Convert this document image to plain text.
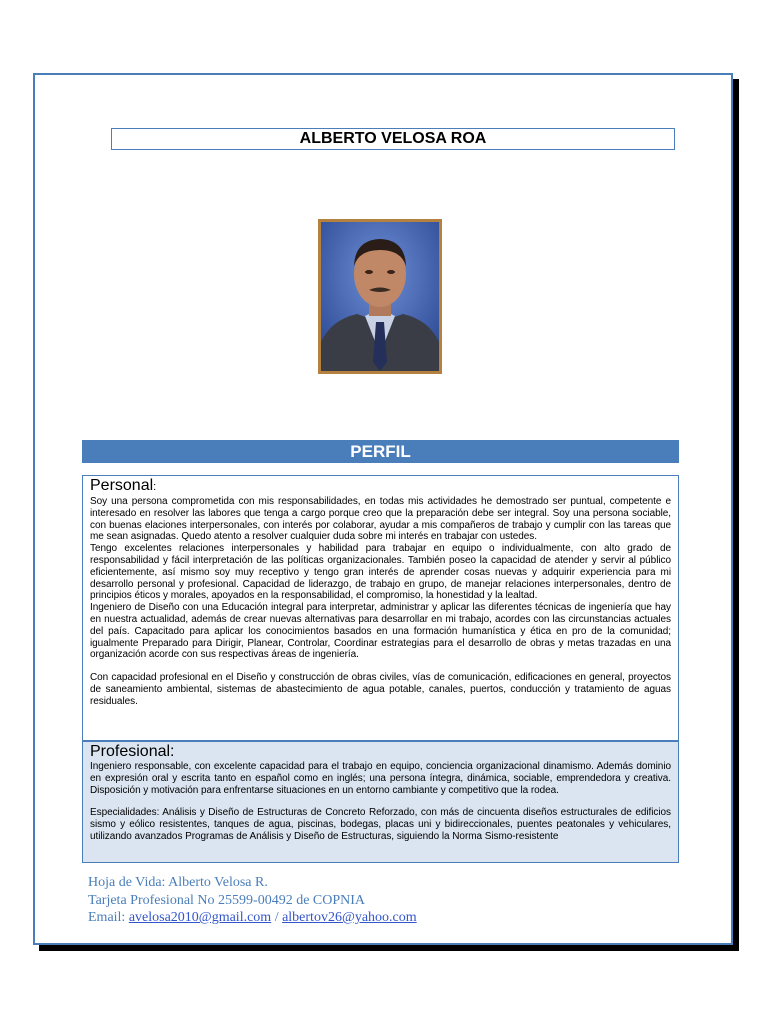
ALBERTO VELOSA ROA
PERFIL
Personal:

Soy una persona comprometida con mis responsabilidades, en todas mis actividades he demostrado ser puntual, competente e interesado en resolver las labores que tenga a cargo porque creo que la preparación debe ser integral. Soy una persona sociable, con buenas elaciones interpersonales, con interés por colaborar, ayudar a mis compañeros de trabajo y cumplir con las tareas que me sean asignadas. Quedo atento a resolver cualquier duda sobre mi interés en trabajar con ustedes.

Tengo excelentes relaciones interpersonales y habilidad para trabajar en equipo o individualmente, con alto grado de responsabilidad y fácil interpretación de las políticas organizacionales. También poseo la capacidad de atender y servir al público eficientemente, así mismo soy muy receptivo y tengo gran interés de aprender cosas nuevas y adquirir experiencia para mi desarrollo personal y profesional. Capacidad de liderazgo, de trabajo en grupo, de manejar relaciones interpersonales, dentro de principios éticos y morales, apoyados en la responsabilidad, el compromiso, la honestidad y la lealtad.

Ingeniero de Diseño con una Educación integral para interpretar, administrar y aplicar las diferentes técnicas de ingeniería que hay en nuestra actualidad, además de crear nuevas alternativas para desarrollar en mi trabajo, acordes con las circunstancias actuales del país. Capacitado para aplicar los conocimientos basados en una formación humanística y ética en pro de la comunidad; igualmente Preparado para Dirigir, Planear, Controlar, Coordinar estrategias para el desarrollo de obras y metas trazadas en una organización acorde con sus respectivas áreas de ingeniería.

Con capacidad profesional en el Diseño y construcción de obras civiles, vías de comunicación, edificaciones en general, proyectos de saneamiento ambiental, sistemas de abastecimiento de agua potable, canales, puertos, conducción y tratamiento de aguas residuales.

Profesional:

Ingeniero responsable, con excelente capacidad para el trabajo en equipo, conciencia organizacional dinamismo. Además dominio en expresión oral y escrita tanto en español como en inglés; una persona íntegra, dinámica, sociable, emprendedora y creativa. Disposición y motivación para enfrentarse situaciones en un entorno cambiante y competitivo que la rodea.

Especialidades: Análisis y Diseño de Estructuras de Concreto Reforzado, con más de cincuenta diseños estructurales de edificios sismo y eólico resistentes, tanques de agua, piscinas, bodegas, placas uni y bidireccionales, puentes peatonales y vehiculares, utilizando avanzados Programas de Análisis y Diseño de Estructuras, siguiendo la Norma Sismo-resistente

Hoja de Vida: Alberto Velosa R.
Tarjeta Profesional No 25599-00492 de COPNIA
Email: avelosa2010@gmail.com / albertov26@yahoo.com
